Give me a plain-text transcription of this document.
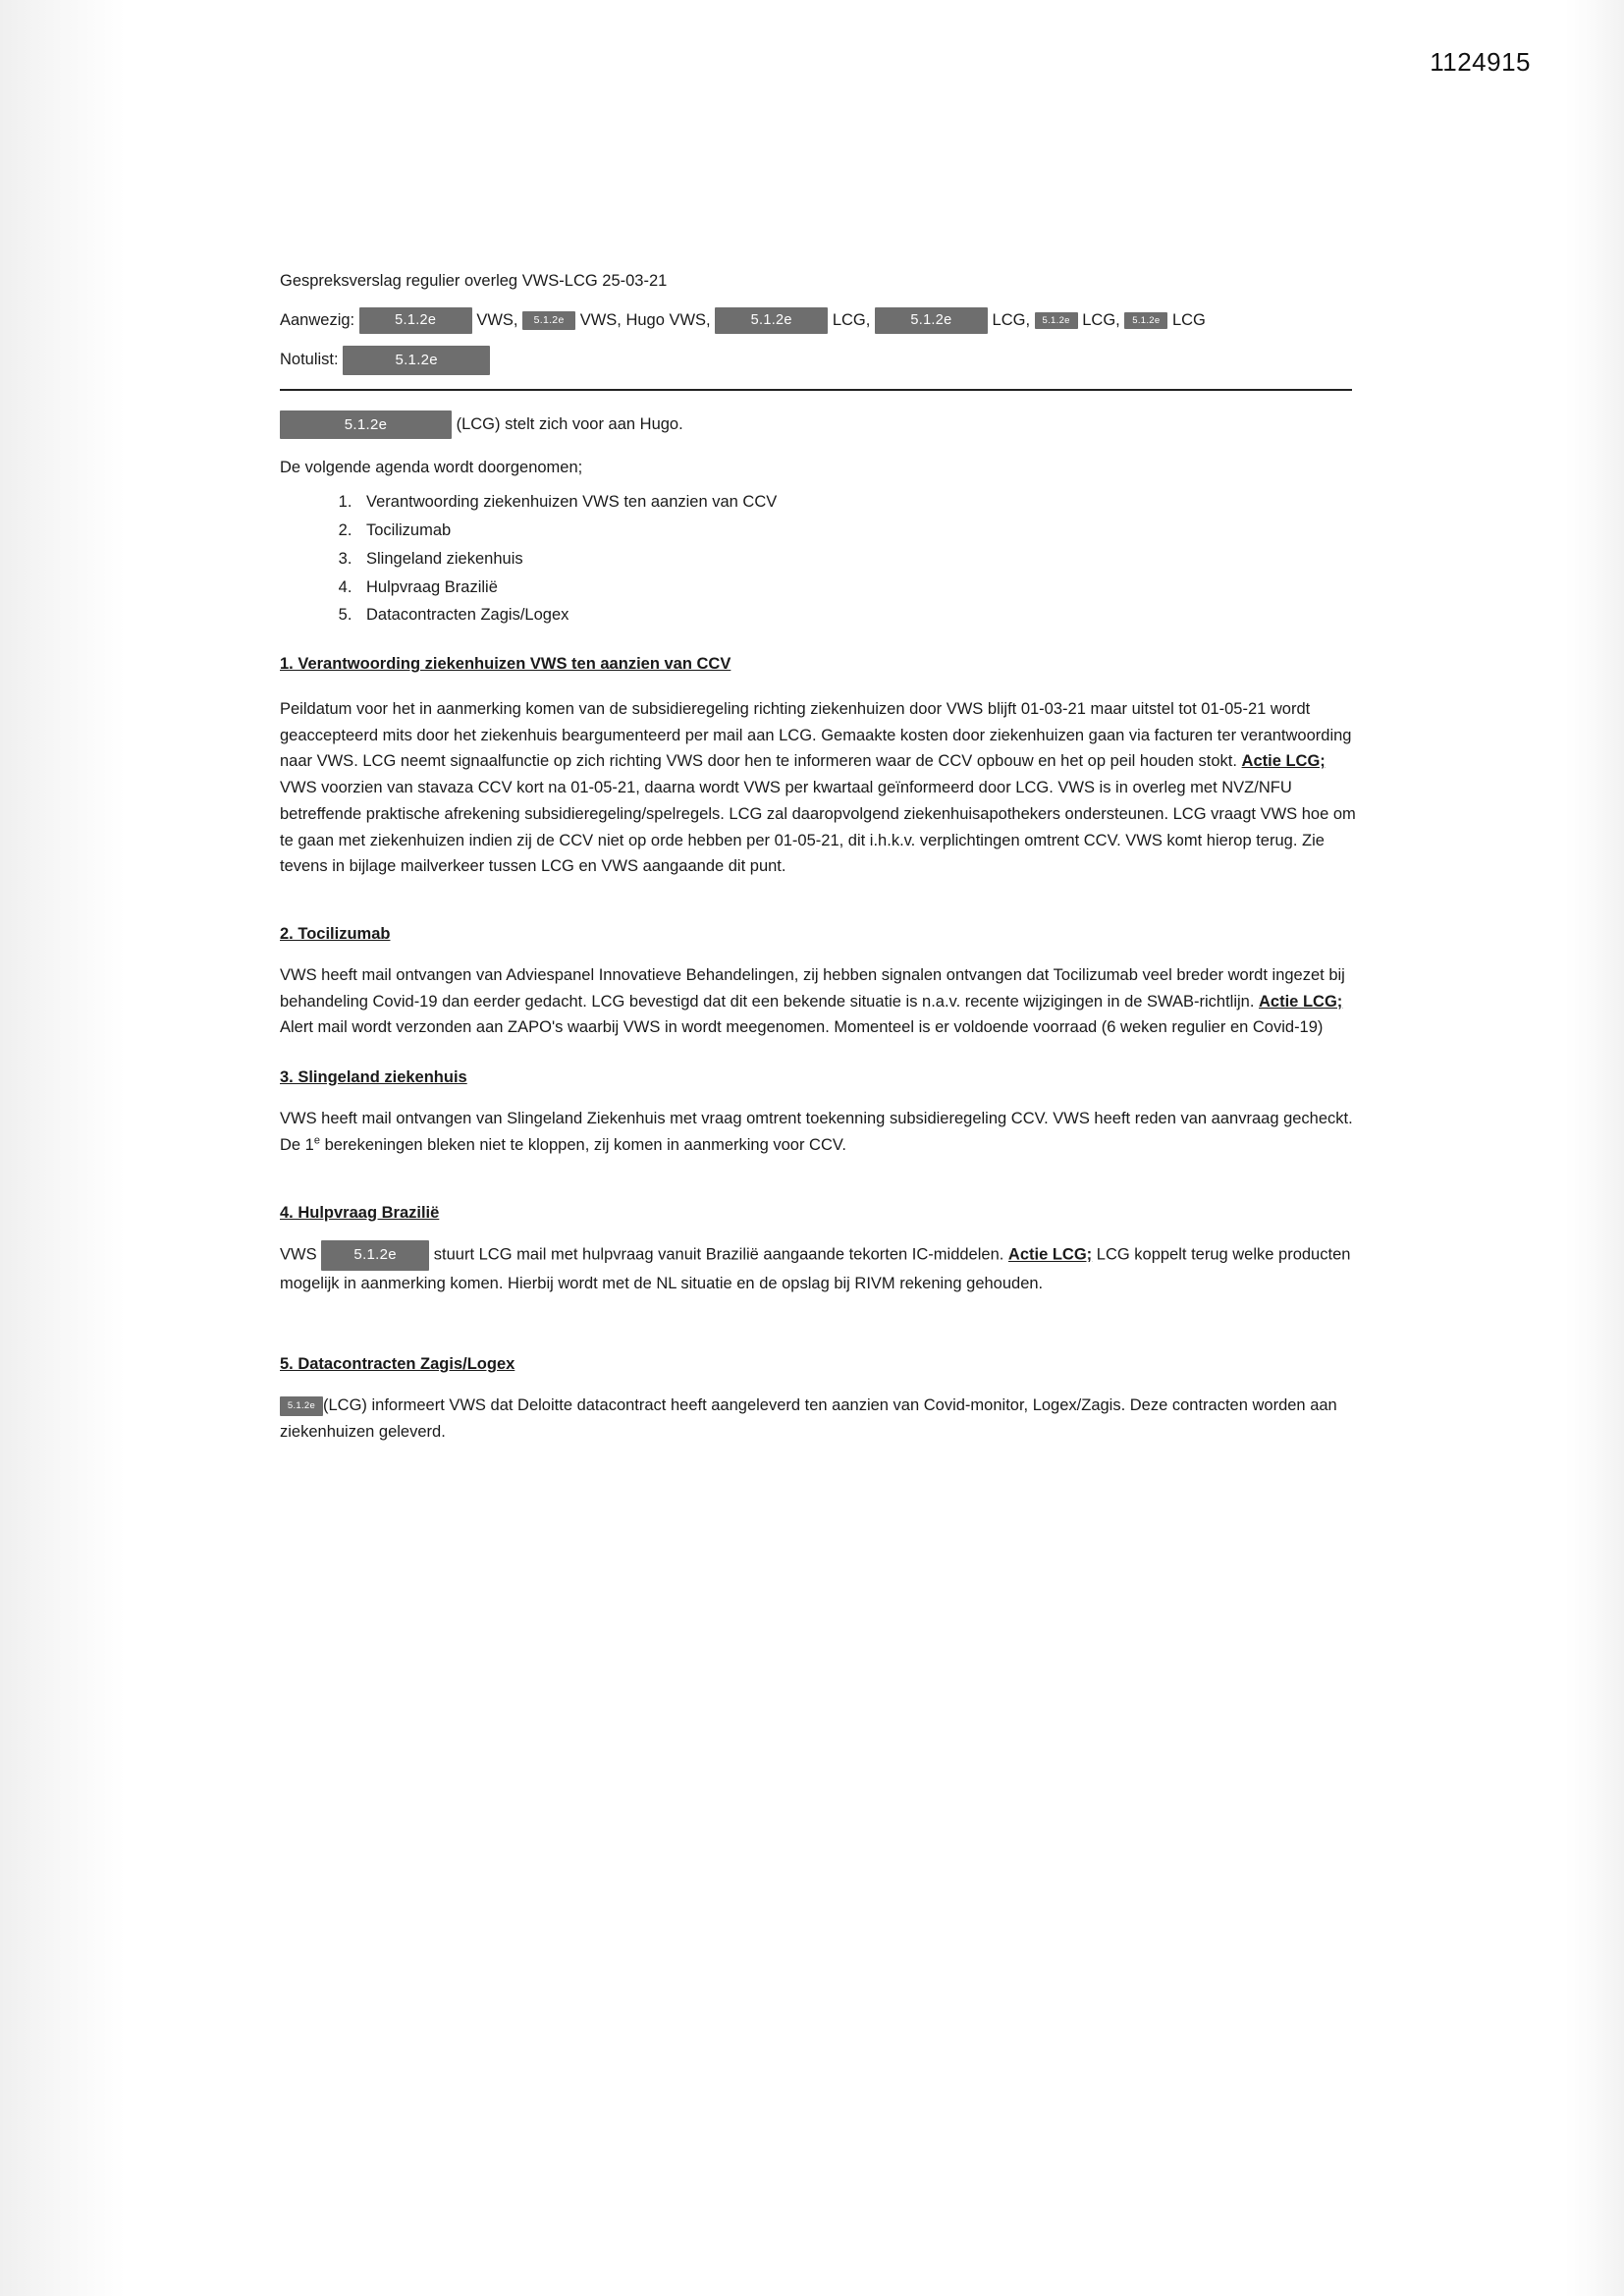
1124915

Gespreksverslag regulier overleg VWS-LCG 25-03-21

Aanwezig:	5.1.2e VWS, 5.1.2e VWS, Hugo VWS,	5.1.2e LCG,	5.1.2e LCG, 5.1.2e LCG, 5.1.2e LCG

Notulist:	5.1.2e

5.1.2e	(LCG) stelt zich voor aan Hugo.

De volgende agenda wordt doorgenomen;

1. Verantwoording ziekenhuizen VWS ten aanzien van CCV
2. Tocilizumab
3. Slingeland ziekenhuis
4. Hulpvraag Brazilië
5. Datacontracten Zagis/Logex
1. Verantwoording ziekenhuizen VWS ten aanzien van CCV

Peildatum voor het in aanmerking komen van de subsidieregeling richting ziekenhuizen door VWS blijft 01-03-21 maar uitstel tot 01-05-21 wordt geaccepteerd mits door het ziekenhuis beargumenteerd per mail aan LCG. Gemaakte kosten door ziekenhuizen gaan via facturen ter verantwoording naar VWS. LCG neemt signaalfunctie op zich richting VWS door hen te informeren waar de CCV opbouw en het op peil houden stokt. Actie LCG; VWS voorzien van stavaza CCV kort na 01-05-21, daarna wordt VWS per kwartaal geïnformeerd door LCG. VWS is in overleg met NVZ/NFU betreffende praktische afrekening subsidieregeling/spelregels. LCG zal daaropvolgend ziekenhuisapothekers ondersteunen. LCG vraagt VWS hoe om te gaan met ziekenhuizen indien zij de CCV niet op orde hebben per 01-05-21, dit i.h.k.v. verplichtingen omtrent CCV. VWS komt hierop terug. Zie tevens in bijlage mailverkeer tussen LCG en VWS aangaande dit punt.

2. Tocilizumab

VWS heeft mail ontvangen van Adviespanel Innovatieve Behandelingen, zij hebben signalen ontvangen dat Tocilizumab veel breder wordt ingezet bij behandeling Covid-19 dan eerder gedacht. LCG bevestigd dat dit een bekende situatie is n.a.v. recente wijzigingen in de SWAB-richtlijn. Actie LCG; Alert mail wordt verzonden aan ZAPO's waarbij VWS in wordt meegenomen. Momenteel is er voldoende voorraad (6 weken regulier en Covid-19)

3. Slingeland ziekenhuis

VWS heeft mail ontvangen van Slingeland Ziekenhuis met vraag omtrent toekenning subsidieregeling CCV. VWS heeft reden van aanvraag gecheckt. De 1e berekeningen bleken niet te kloppen, zij komen in aanmerking voor CCV.

4. Hulpvraag Brazilië

VWS	5.1.2e stuurt LCG mail met hulpvraag vanuit Brazilië aangaande tekorten IC-middelen. Actie LCG; LCG koppelt terug welke producten mogelijk in aanmerking komen. Hierbij wordt met de NL situatie en de opslag bij RIVM rekening gehouden.

5. Datacontracten Zagis/Logex

5.1.2e (LCG) informeert VWS dat Deloitte datacontract heeft aangeleverd ten aanzien van Covid-monitor, Logex/Zagis. Deze contracten worden aan ziekenhuizen geleverd.
